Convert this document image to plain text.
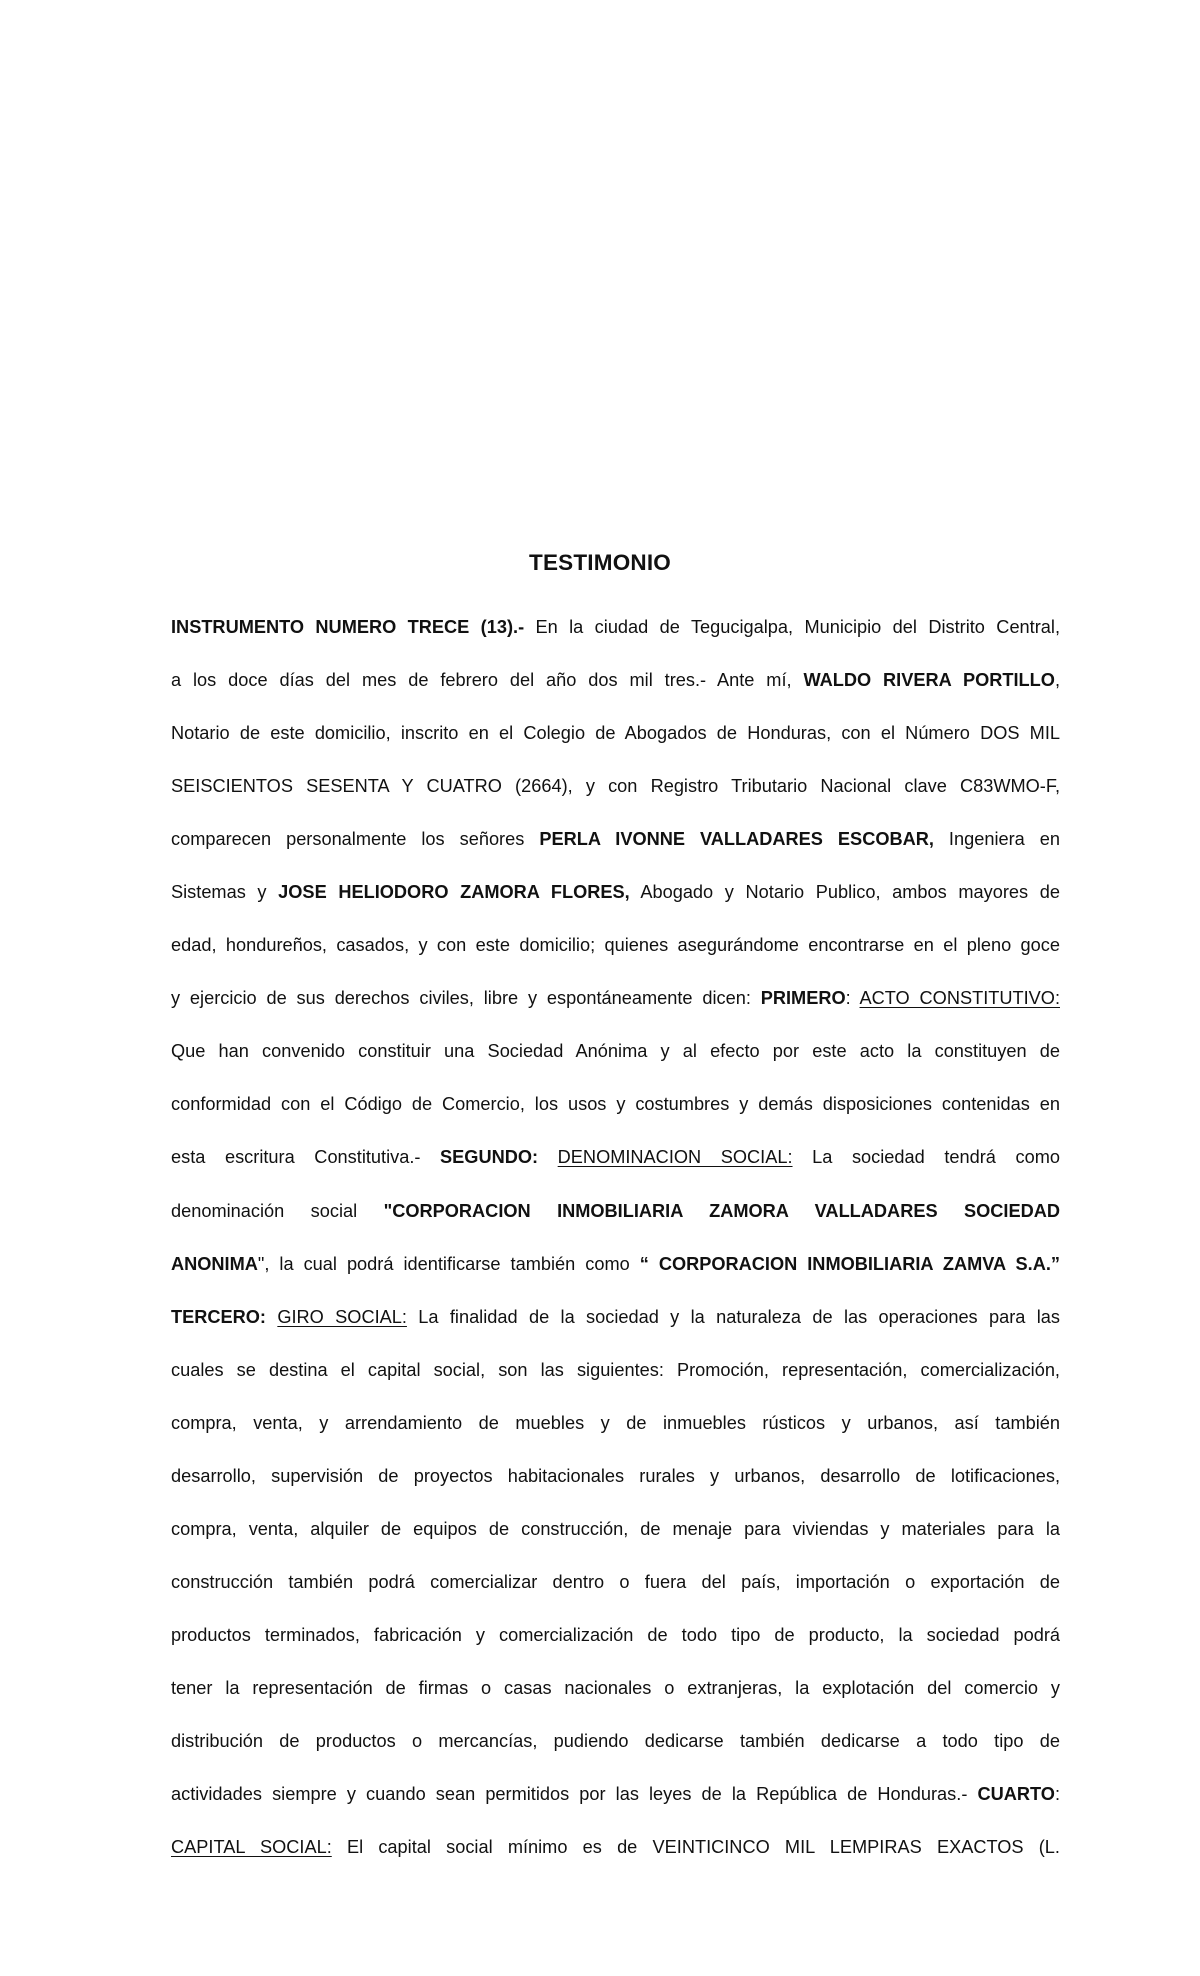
TESTIMONIO
INSTRUMENTO NUMERO TRECE (13).- En la ciudad de Tegucigalpa, Municipio del Distrito Central,
a los doce días del mes de febrero del año dos mil tres.- Ante mí, WALDO RIVERA PORTILLO,
Notario de este domicilio, inscrito en el Colegio de Abogados de Honduras, con el Número DOS MIL
SEISCIENTOS SESENTA Y CUATRO (2664), y con Registro Tributario Nacional clave C83WMO-F,
comparecen personalmente los señores PERLA IVONNE VALLADARES ESCOBAR, Ingeniera en
Sistemas y JOSE HELIODORO ZAMORA FLORES, Abogado y Notario Publico, ambos mayores de
edad, hondureños, casados, y con este domicilio; quienes asegurándome encontrarse en el pleno goce
y ejercicio de sus derechos civiles, libre y espontáneamente dicen: PRIMERO: ACTO CONSTITUTIVO:
Que han convenido constituir una Sociedad Anónima y al efecto por este acto la constituyen de
conformidad con el Código de Comercio, los usos y costumbres y demás disposiciones contenidas en
esta escritura Constitutiva.- SEGUNDO: DENOMINACION SOCIAL: La sociedad tendrá como
denominación social "CORPORACION INMOBILIARIA ZAMORA VALLADARES SOCIEDAD
ANONIMA", la cual podrá identificarse también como “ CORPORACION INMOBILIARIA ZAMVA S.A.”
TERCERO: GIRO SOCIAL: La finalidad de la sociedad y la naturaleza de las operaciones para las
cuales se destina el capital social, son las siguientes: Promoción, representación, comercialización,
compra, venta, y arrendamiento de muebles y de inmuebles rústicos y urbanos, así también
desarrollo, supervisión de proyectos habitacionales rurales y urbanos, desarrollo de lotificaciones,
compra, venta, alquiler de equipos de construcción, de menaje para viviendas y materiales para la
construcción también podrá comercializar dentro o fuera del país, importación o exportación de
productos terminados, fabricación y comercialización de todo tipo de producto, la sociedad podrá
tener la representación de firmas o casas nacionales o extranjeras, la explotación del comercio y
distribución de productos o mercancías, pudiendo dedicarse también dedicarse a todo tipo de
actividades siempre y cuando sean permitidos por las leyes de la República de Honduras.- CUARTO:
CAPITAL SOCIAL: El capital social mínimo es de VEINTICINCO MIL LEMPIRAS EXACTOS (L.
